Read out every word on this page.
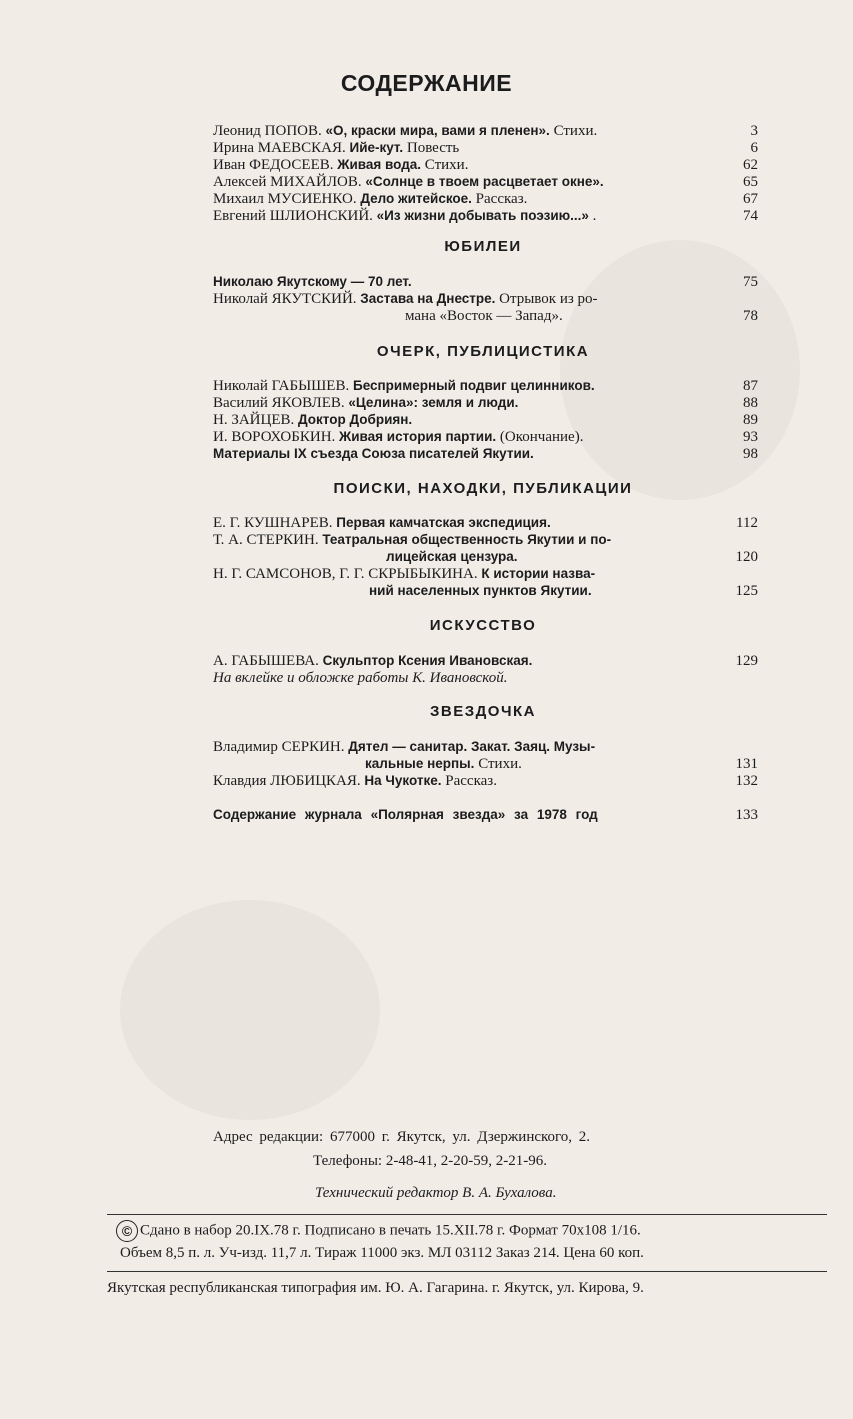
СОДЕРЖАНИЕ
Леонид ПОПОВ. «О, краски мира, вами я пленен». Стихи.	3
Ирина МАЕВСКАЯ. Ийе-кут. Повесть	6
Иван ФЕДОСЕЕВ. Живая вода. Стихи.	62
Алексей МИХАЙЛОВ. «Солнце в твоем расцветает окне».	65
Михаил МУСИЕНКО. Дело житейское. Рассказ.	67
Евгений ШЛИОНСКИЙ. «Из жизни добывать поэзию...» .	74
ЮБИЛЕИ
Николаю Якутскому — 70 лет.	75
Николай ЯКУТСКИЙ. Застава на Днестре. Отрывок из ро-
мана «Восток — Запад».	78
ОЧЕРК, ПУБЛИЦИСТИКА
Николай ГАБЫШЕВ. Беспримерный подвиг целинников.	87
Василий ЯКОВЛЕВ. «Целина»: земля и люди.	88
Н. ЗАЙЦЕВ. Доктор Добриян.	89
И. ВОРОХОБКИН. Живая история партии. (Окончание).	93
Материалы IX съезда Союза писателей Якутии.	98
ПОИСКИ, НАХОДКИ, ПУБЛИКАЦИИ
Е. Г. КУШНАРЕВ. Первая камчатская экспедиция.	112
Т. А. СТЕРКИН. Театральная общественность Якутии и по-
лицейская цензура.	120
Н. Г. САМСОНОВ, Г. Г. СКРЫБЫКИНА. К истории назва-
ний населенных пунктов Якутии.	125
ИСКУССТВО
А. ГАБЫШЕВА. Скульптор Ксения Ивановская.	129
На вклейке и обложке работы К. Ивановской.
ЗВЕЗДОЧКА
Владимир СЕРКИН. Дятел — санитар. Закат. Заяц. Музы-
кальные нерпы. Стихи.	131
Клавдия ЛЮБИЦКАЯ. На Чукотке. Рассказ.	132
Содержание журнала «Полярная звезда» за 1978 год	133
Адрес редакции: 677000 г. Якутск, ул. Дзержинского, 2.
Телефоны: 2-48-41, 2-20-59, 2-21-96.
Технический редактор В. А. Бухалова.
© Сдано в набор 20.IX.78 г. Подписано в печать 15.XII.78 г. Формат 70х108 1/16.
Объем 8,5 п. л. Уч-изд. 11,7 л. Тираж 11000 экз. МЛ 03112 Заказ 214. Цена 60 коп.
Якутская республиканская типография им. Ю. А. Гагарина. г. Якутск, ул. Кирова, 9.
